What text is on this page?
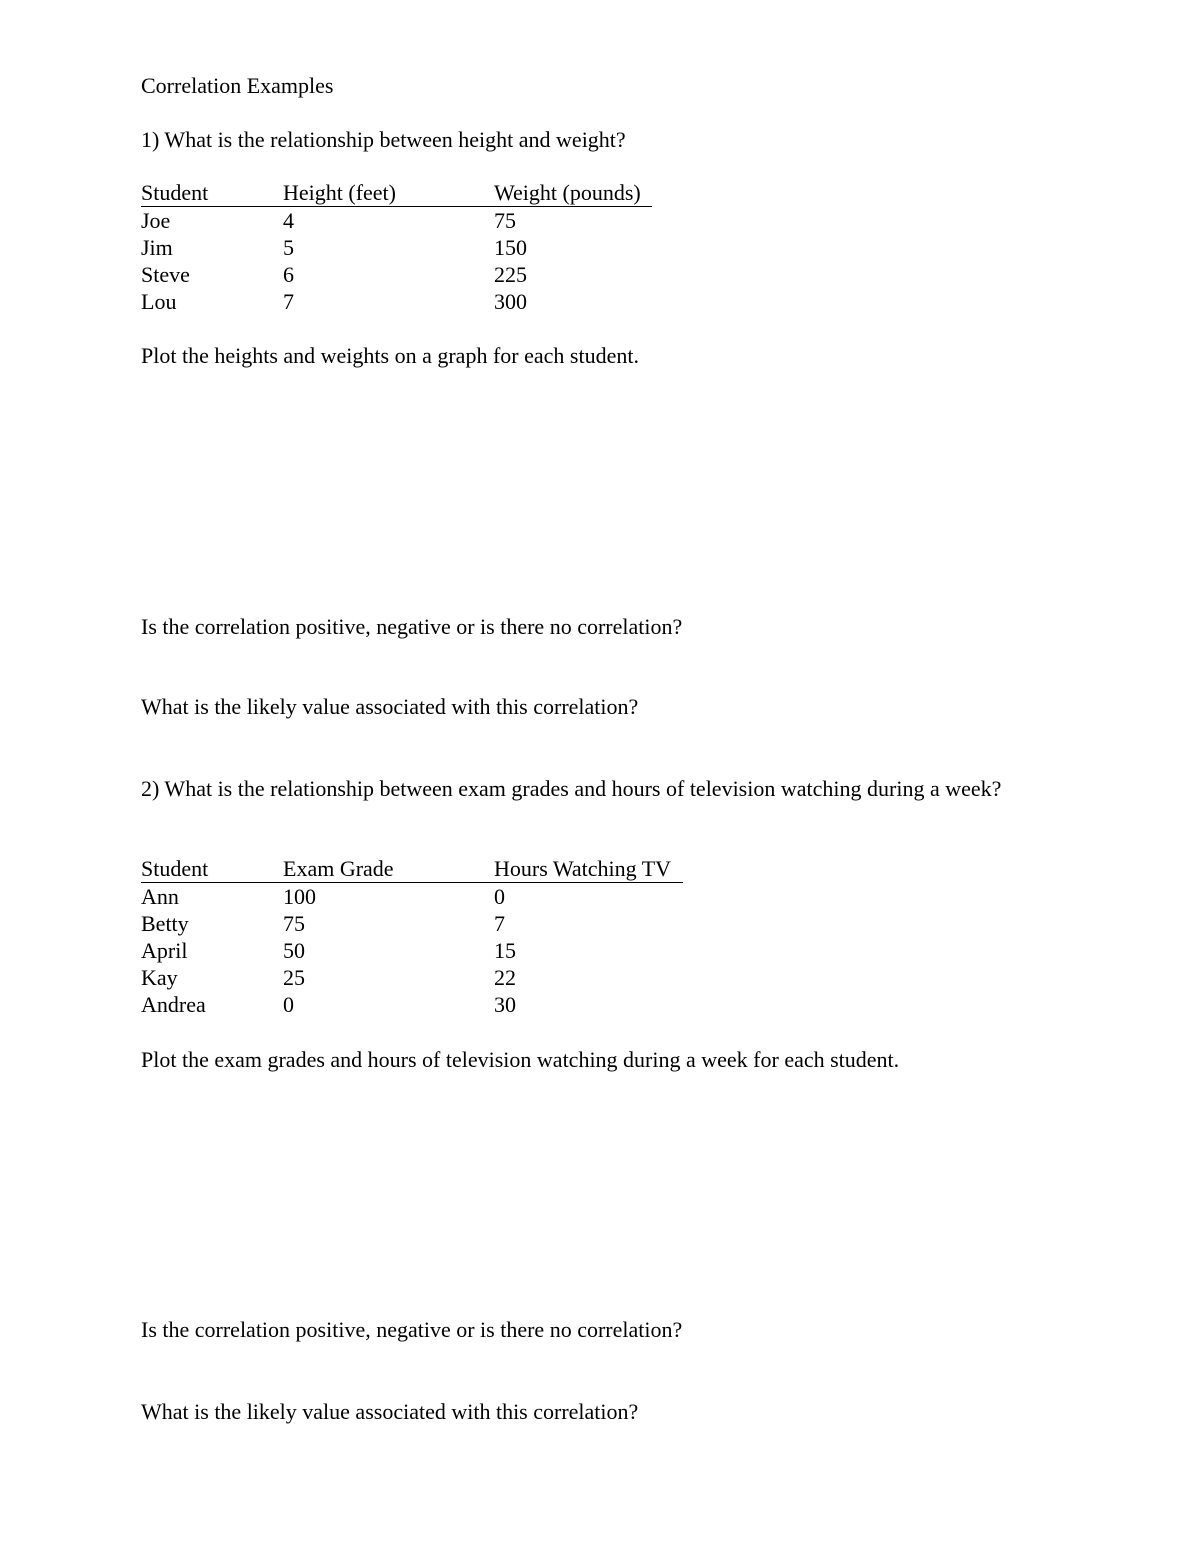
Correlation Examples
1) What is the relationship between height and weight?
Student	Height (feet)	Weight (pounds)
Joe	4	75
Jim	5	150
Steve	6	225
Lou	7	300
Plot the heights and weights on a graph for each student.
Is the correlation positive, negative or is there no correlation?
What is the likely value associated with this correlation?
2) What is the relationship between exam grades and hours of television watching during a week?
Student	Exam Grade	Hours Watching TV
Ann	100	0
Betty	75	7
April	50	15
Kay	25	22
Andrea	0	30
Plot the exam grades and hours of television watching during a week for each student.
Is the correlation positive, negative or is there no correlation?
What is the likely value associated with this correlation?
